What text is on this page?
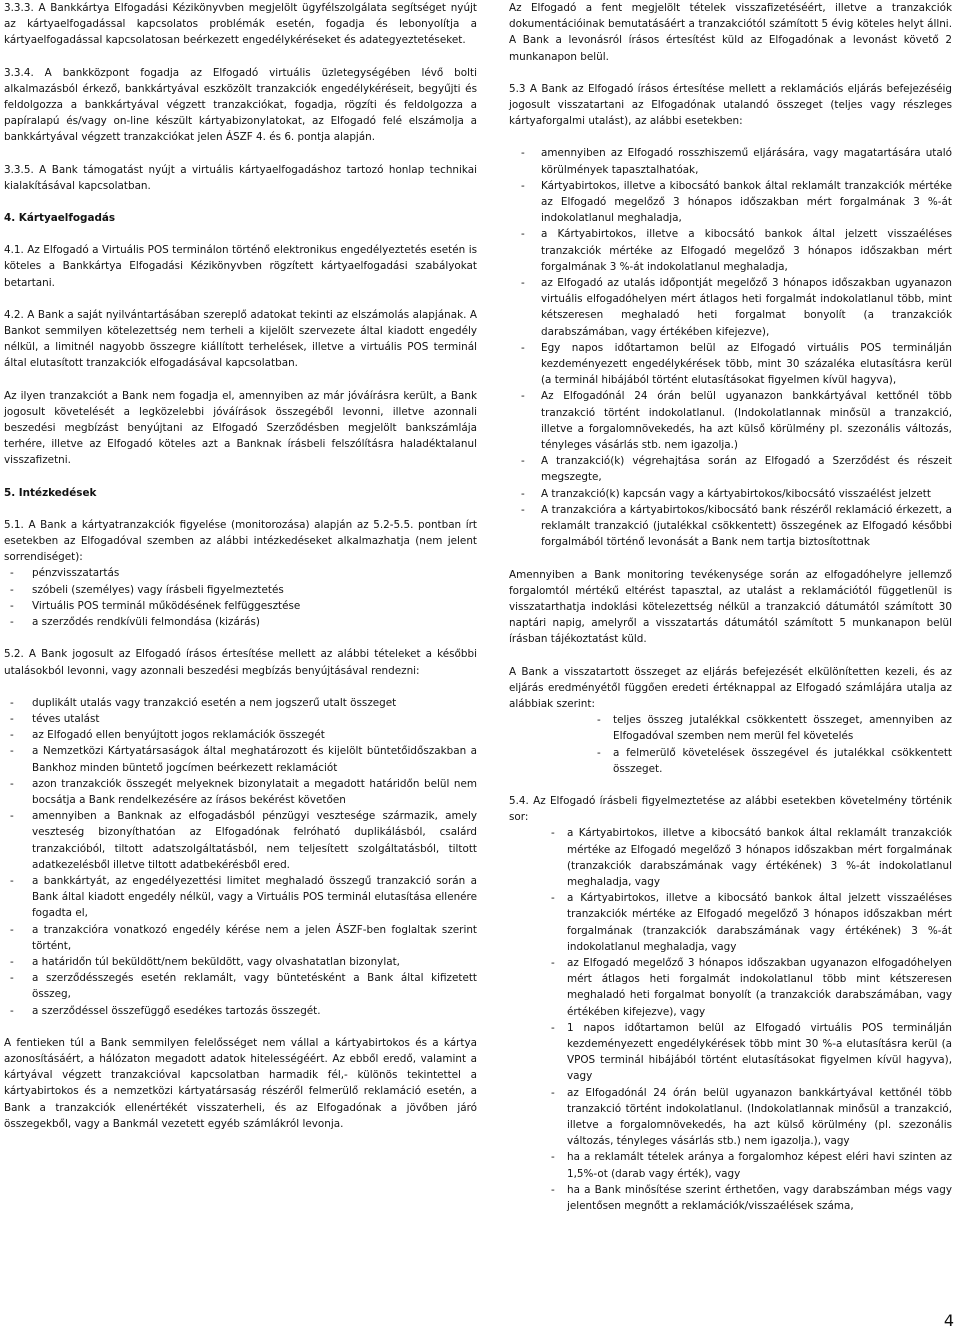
3.3.3. A Bankkártya Elfogadási Kézikönyvben megjelölt ügyfélszolgálata segítséget nyújt az kártyaelfogadással kapcsolatos problémák esetén, fogadja és lebonyolítja a kártyaelfogadással kapcsolatosan beérkezett engedélykéréseket és adategyeztetéseket.

3.3.4. A bankközpont fogadja az Elfogadó virtuális üzletegységében lévő bolti alkalmazásból érkező, bankkártyával eszközölt tranzakciók engedélykéréseit, begyűjti és feldolgozza a bankkártyával végzett tranzakciókat, fogadja, rögzíti és feldolgozza a papíralapú és/vagy on-line készült kártyabizonylatokat, az Elfogadó felé elszámolja a bankkártyával végzett tranzakciókat jelen ÁSZF 4. és 6. pontja alapján.

3.3.5. A Bank támogatást nyújt a virtuális kártyaelfogadáshoz tartozó honlap technikai kialakításával kapcsolatban.

4. Kártyaelfogadás

4.1. Az Elfogadó a Virtuális POS terminálon történő elektronikus engedélyeztetés esetén is köteles a Bankkártya Elfogadási Kézikönyvben rögzített kártyaelfogadási szabályokat betartani.

4.2. A Bank a saját nyilvántartásában szereplő adatokat tekinti az elszámolás alapjának. A Bankot semmilyen kötelezettség nem terheli a kijelölt szervezete által kiadott engedély nélkül, a limitnél nagyobb összegre kiállított terhelések, illetve a virtuális POS terminál által elutasított tranzakciók elfogadásával kapcsolatban.

Az ilyen tranzakciót a Bank nem fogadja el, amennyiben az már jóváírásra került, a Bank jogosult követelését a legközelebbi jóváírások összegéből levonni, illetve azonnali beszedési megbízást benyújtani az Elfogadó Szerződésben megjelölt bankszámlája terhére, illetve az Elfogadó köteles azt a Banknak írásbeli felszólításra haladéktalanul visszafizetni.

5. Intézkedések

5.1. A Bank a kártyatranzakciók figyelése (monitorozása) alapján az 5.2-5.5. pontban írt esetekben az Elfogadóval szemben az alábbi intézkedéseket alkalmazhatja (nem jelent sorrendiséget):

- pénzvisszatartás
- szóbeli (személyes) vagy írásbeli figyelmeztetés
- Virtuális POS terminál működésének felfüggesztése
- a szerződés rendkívüli felmondása (kizárás)

5.2. A Bank jogosult az Elfogadó írásos értesítése mellett az alábbi tételeket a későbbi utalásokból levonni, vagy azonnali beszedési megbízás benyújtásával rendezni:

- duplikált utalás vagy tranzakció esetén a nem jogszerű utalt összeget
- téves utalást
- az Elfogadó ellen benyújtott jogos reklamációk összegét
- a Nemzetközi Kártyatársaságok által meghatározott és kijelölt büntetőidőszakban a Bankhoz minden büntető jogcímen beérkezett reklamációt
- azon tranzakciók összegét melyeknek bizonylatait a megadott határidőn belül nem bocsátja a Bank rendelkezésére az írásos bekérést követően
- amennyiben a Banknak az elfogadásból pénzügyi veszteségе származik, amely veszteség bizonyíthatóan az Elfogadónak felróható duplikálásból, csalárd tranzakcióból, tiltott adatszolgáltatásból, nem teljesített szolgáltatásból, tiltott adatkezelésből illetve tiltott adatbekérésből ered.
- a bankkártyát, az engedélyezettési limitet meghaladó összegű tranzakció során a Bank által kiadott engedély nélkül, vagy a Virtuális POS terminál elutasítása ellenére fogadta el,
- a tranzakcióra vonatkozó engedély kérése nem a jelen ÁSZF-ben foglaltak szerint történt,
- a határidőn túl beküldött/nem beküldött, vagy olvashatatlan bizonylat,
- a szerződésszegés esetén reklamált, vagy büntetésként a Bank által kifizetett összeg,
- a szerződéssel összefüggő esedékes tartozás összegét.

A fentieken túl a Bank semmilyen felelősséget nem vállal a kártyabirtokos és a kártya azonosításáért, a hálózaton megadott adatok hitelességéért. Az ebből eredő, valamint a kártyával végzett tranzakcióval kapcsolatban harmadik fél,- különös tekintettel a kártyabirtokos és a nemzetközi kártyatársaság részéről felmerülő reklamáció esetén, a Bank a tranzakciók ellenértékét visszaterheli, és az Elfogadónak a jövőben járó összegekből, vagy a Bankmál vezetett egyéb számlákról levonja.

Az Elfogadó a fent megjelölt tételek visszafizetéséért, illetve a tranzakciók dokumentációinak bemutatásáért a tranzakciótól számított 5 évig köteles helyt állni. A Bank a levonásról írásos értesítést küld az Elfogadónak a levonást követő 2 munkanapon belül.

5.3 A Bank az Elfogadó írásos értesítése mellett a reklamációs eljárás befejezéséig jogosult visszatartani az Elfogadónak utalandó összeget (teljes vagy részleges kártyaforgalmi utalást), az alábbi esetekben:

- amennyiben az Elfogadó rosszhiszemű eljárására, vagy magatartására utaló körülmények tapasztalhatóak,
- Kártyabirtokos, illetve a kibocsátó bankok által reklamált tranzakciók mértéke az Elfogadó megelőző 3 hónapos időszakban mért forgalmának 3 %-át indokolatlanul meghaladja,
- a Kártyabirtokos, illetve a kibocsátó bankok által jelzett visszaéléses tranzakciók mértéke az Elfogadó megelőző 3 hónapos időszakban mért forgalmának 3 %-át indokolatlanul meghaladja,
- az Elfogadó az utalás időpontját megelőző 3 hónapos időszakban ugyanazon virtuális elfogadóhelyen mért átlagos heti forgalmát indokolatlanul több, mint kétszeresen meghaladó heti forgalmat bonyolít (a tranzakciók darabszámában, vagy értékében kifejezve),
- Egy napos időtartamon belül az Elfogadó virtuális POS terminálján kezdeményezett engedélykérések több, mint 30 százaléka elutasításra kerül (a terminál hibájából történt elutasításokat figyelmen kívül hagyva),
- Az Elfogadónál 24 órán belül ugyanazon bankkártyával kettőnél több tranzakció történt indokolatlanul. (Indokolatlannak minősül a tranzakció, illetve a forgalomnövekedés, ha azt külső körülmény pl. szezonális változás, tényleges vásárlás stb. nem igazolja.)
- A tranzakció(k) végrehajtása során az Elfogadó a Szerződést és részeit megszegte,
- A tranzakció(k) kapcsán vagy a kártyabirtokos/kibocsátó visszaélést jelzett
- A tranzakcióra a kártyabirtokos/kibocsátó bank részéről reklamáció érkezett, a reklamált tranzakció (jutalékkal csökkentett) összegének az Elfogadó későbbi forgalmából történő levonását a Bank nem tartja biztosítottnak

Amennyiben a Bank monitoring tevékenysége során az elfogadóhelyre jellemző forgalomtól mértékű eltérést tapasztal, az utalást a reklamációtól függetlenül is visszatarthatja indoklási kötelezettség nélkül a tranzakció dátumától számított 30 naptári napig, amelyről a visszatartás dátumától számított 5 munkanapon belül írásban tájékoztatást küld.

A Bank a visszatartott összeget az eljárás befejezését elkülönítetten kezeli, és az eljárás eredményétől függően eredeti értéknappal az Elfogadó számlájára utalja az alábbiak szerint:

- teljes összeg jutalékkal csökkentett összeget, amennyiben az Elfogadóval szemben nem merül fel követelés
- a felmerülő követelések összegével és jutalékkal csökkentett összeget.

5.4. Az Elfogadó írásbeli figyelmeztetése az alábbi esetekben követelmény történik sor:

- a Kártyabirtokos, illetve a kibocsátó bankok által reklamált tranzakciók mértéke az Elfogadó megelőző 3 hónapos időszakban mért forgalmának (tranzakciók darabszámának vagy értékének) 3 %-át indokolatlanul meghaladja, vagy
- a Kártyabirtokos, illetve a kibocsátó bankok által jelzett visszaéléses tranzakciók mértéke az Elfogadó megelőző 3 hónapos időszakban mért forgalmának (tranzakciók darabszámának vagy értékének) 3 %-át indokolatlanul meghaladja, vagy
- az Elfogadó megelőző 3 hónapos időszakban ugyanazon elfogadóhelyen mért átlagos heti forgalmát indokolatlanul több mint kétszeresen meghaladó heti forgalmat bonyolít (a tranzakciók darabszámában, vagy értékében kifejezve), vagy
- 1 napos időtartamon belül az Elfogadó virtuális POS terminálján kezdeményezett engedélykérések több mint 30 %-a elutasításra kerül (a VPOS terminál hibájából történt elutasításokat figyelmen kívül hagyva), vagy
- az Elfogadónál 24 órán belül ugyanazon bankkártyával kettőnél több tranzakció történt indokolatlanul. (Indokolatlannak minősül a tranzakció, illetve a forgalomnövekedés, ha azt külső körülmény (pl. szezonális változás, tényleges vásárlás stb.) nem igazolja.), vagy
- ha a reklamált tételek aránya a forgalomhoz képest eléri havi szinten az 1,5%-ot (darab vagy érték), vagy
- ha a Bank minősítése szerint érthetően, vagy darabszámban mégs vagy jelentősen megnőtt a reklamációk/visszaélések száma,
4
